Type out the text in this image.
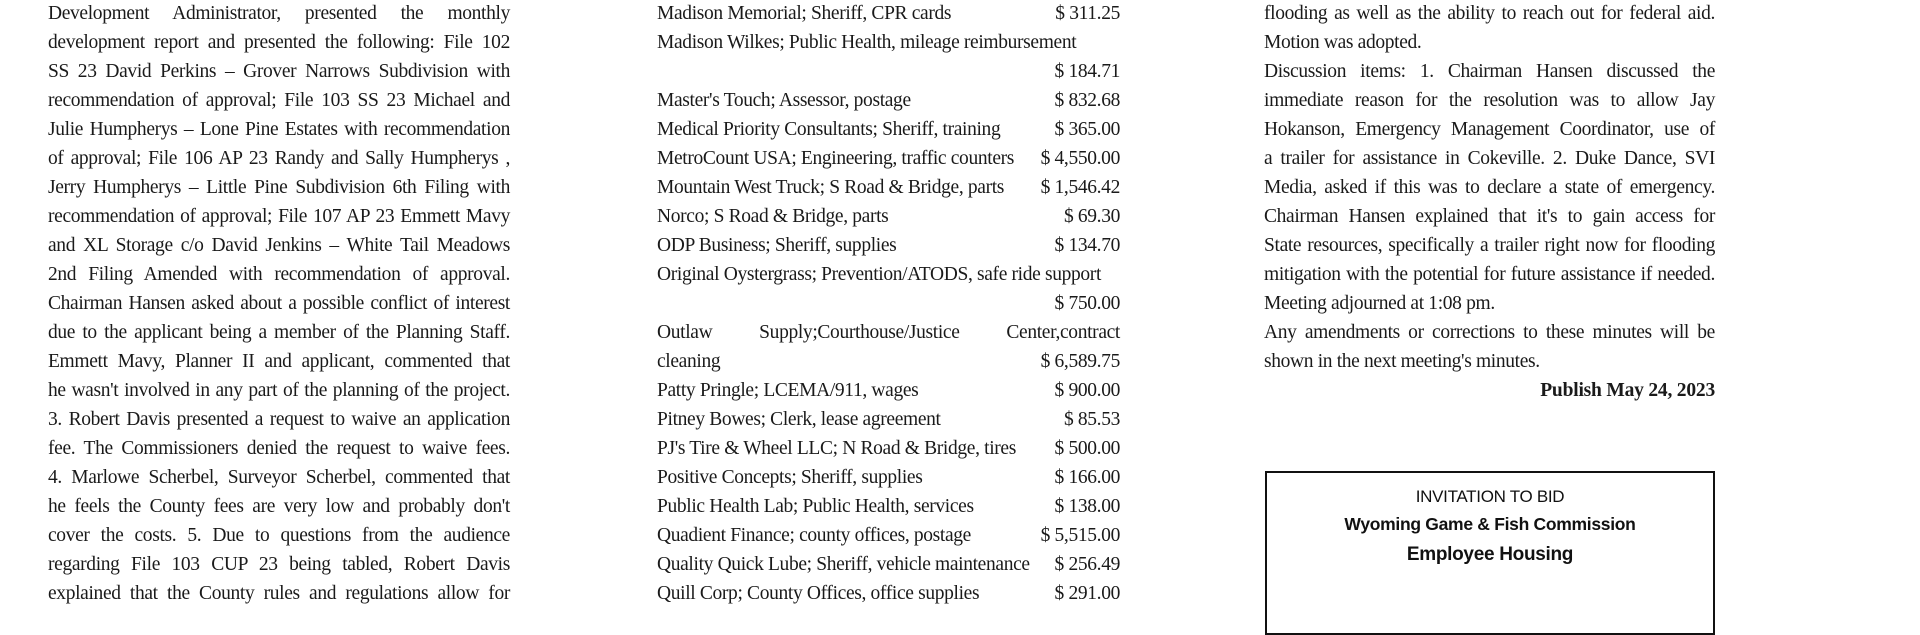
Development Administrator, presented the monthly
development report and presented the following: File 102
SS 23 David Perkins – Grover Narrows Subdivision with
recommendation of approval; File 103 SS 23 Michael and
Julie Humpherys – Lone Pine Estates with recommendation
of approval; File 106 AP 23 Randy and Sally Humpherys ,
Jerry Humpherys – Little Pine Subdivision 6th Filing with
recommendation of approval; File 107 AP 23 Emmett Mavy
and XL Storage c/o David Jenkins – White Tail Meadows
2nd Filing Amended with recommendation of approval.
Chairman Hansen asked about a possible conflict of interest
due to the applicant being a member of the Planning Staff.
Emmett Mavy, Planner II and applicant, commented that
he wasn't involved in any part of the planning of the project.
3. Robert Davis presented a request to waive an application
fee. The Commissioners denied the request to waive fees.
4. Marlowe Scherbel, Surveyor Scherbel, commented that
he feels the County fees are very low and probably don't
cover the costs. 5. Due to questions from the audience
regarding File 103 CUP 23 being tabled, Robert Davis
explained that the County rules and regulations allow for
Madison Memorial; Sheriff, CPR cards	$ 311.25
Madison Wilkes; Public Health, mileage reimbursement
$ 184.71
Master's Touch; Assessor, postage	$ 832.68
Medical Priority Consultants; Sheriff, training	$ 365.00
MetroCount USA; Engineering, traffic counters $ 4,550.00
Mountain West Truck; S Road & Bridge, parts $ 1,546.42
Norco; S Road & Bridge, parts	$ 69.30
ODP Business; Sheriff, supplies	$ 134.70
Original Oystergrass; Prevention/ATODS, safe ride support
$ 750.00
Outlaw Supply;Courthouse/Justice Center,contract
cleaning	$ 6,589.75
Patty Pringle; LCEMA/911, wages	$ 900.00
Pitney Bowes; Clerk, lease agreement	$ 85.53
PJ's Tire & Wheel LLC; N Road & Bridge, tires $ 500.00
Positive Concepts; Sheriff, supplies	$ 166.00
Public Health Lab; Public Health, services	$ 138.00
Quadient Finance; county offices, postage	$ 5,515.00
Quality Quick Lube; Sheriff, vehicle maintenance $ 256.49
Quill Corp; County Offices, office supplies	$ 291.00
flooding as well as the ability to reach out for federal aid.
Motion was adopted.
Discussion items: 1. Chairman Hansen discussed the
immediate reason for the resolution was to allow Jay
Hokanson, Emergency Management Coordinator, use of
a trailer for assistance in Cokeville. 2. Duke Dance, SVI
Media, asked if this was to declare a state of emergency.
Chairman Hansen explained that it's to gain access for
State resources, specifically a trailer right now for flooding
mitigation with the potential for future assistance if needed.
Meeting adjourned at 1:08 pm.
Any amendments or corrections to these minutes will be
shown in the next meeting's minutes.
Publish May 24, 2023
INVITATION TO BID
Wyoming Game & Fish Commission
Employee Housing
